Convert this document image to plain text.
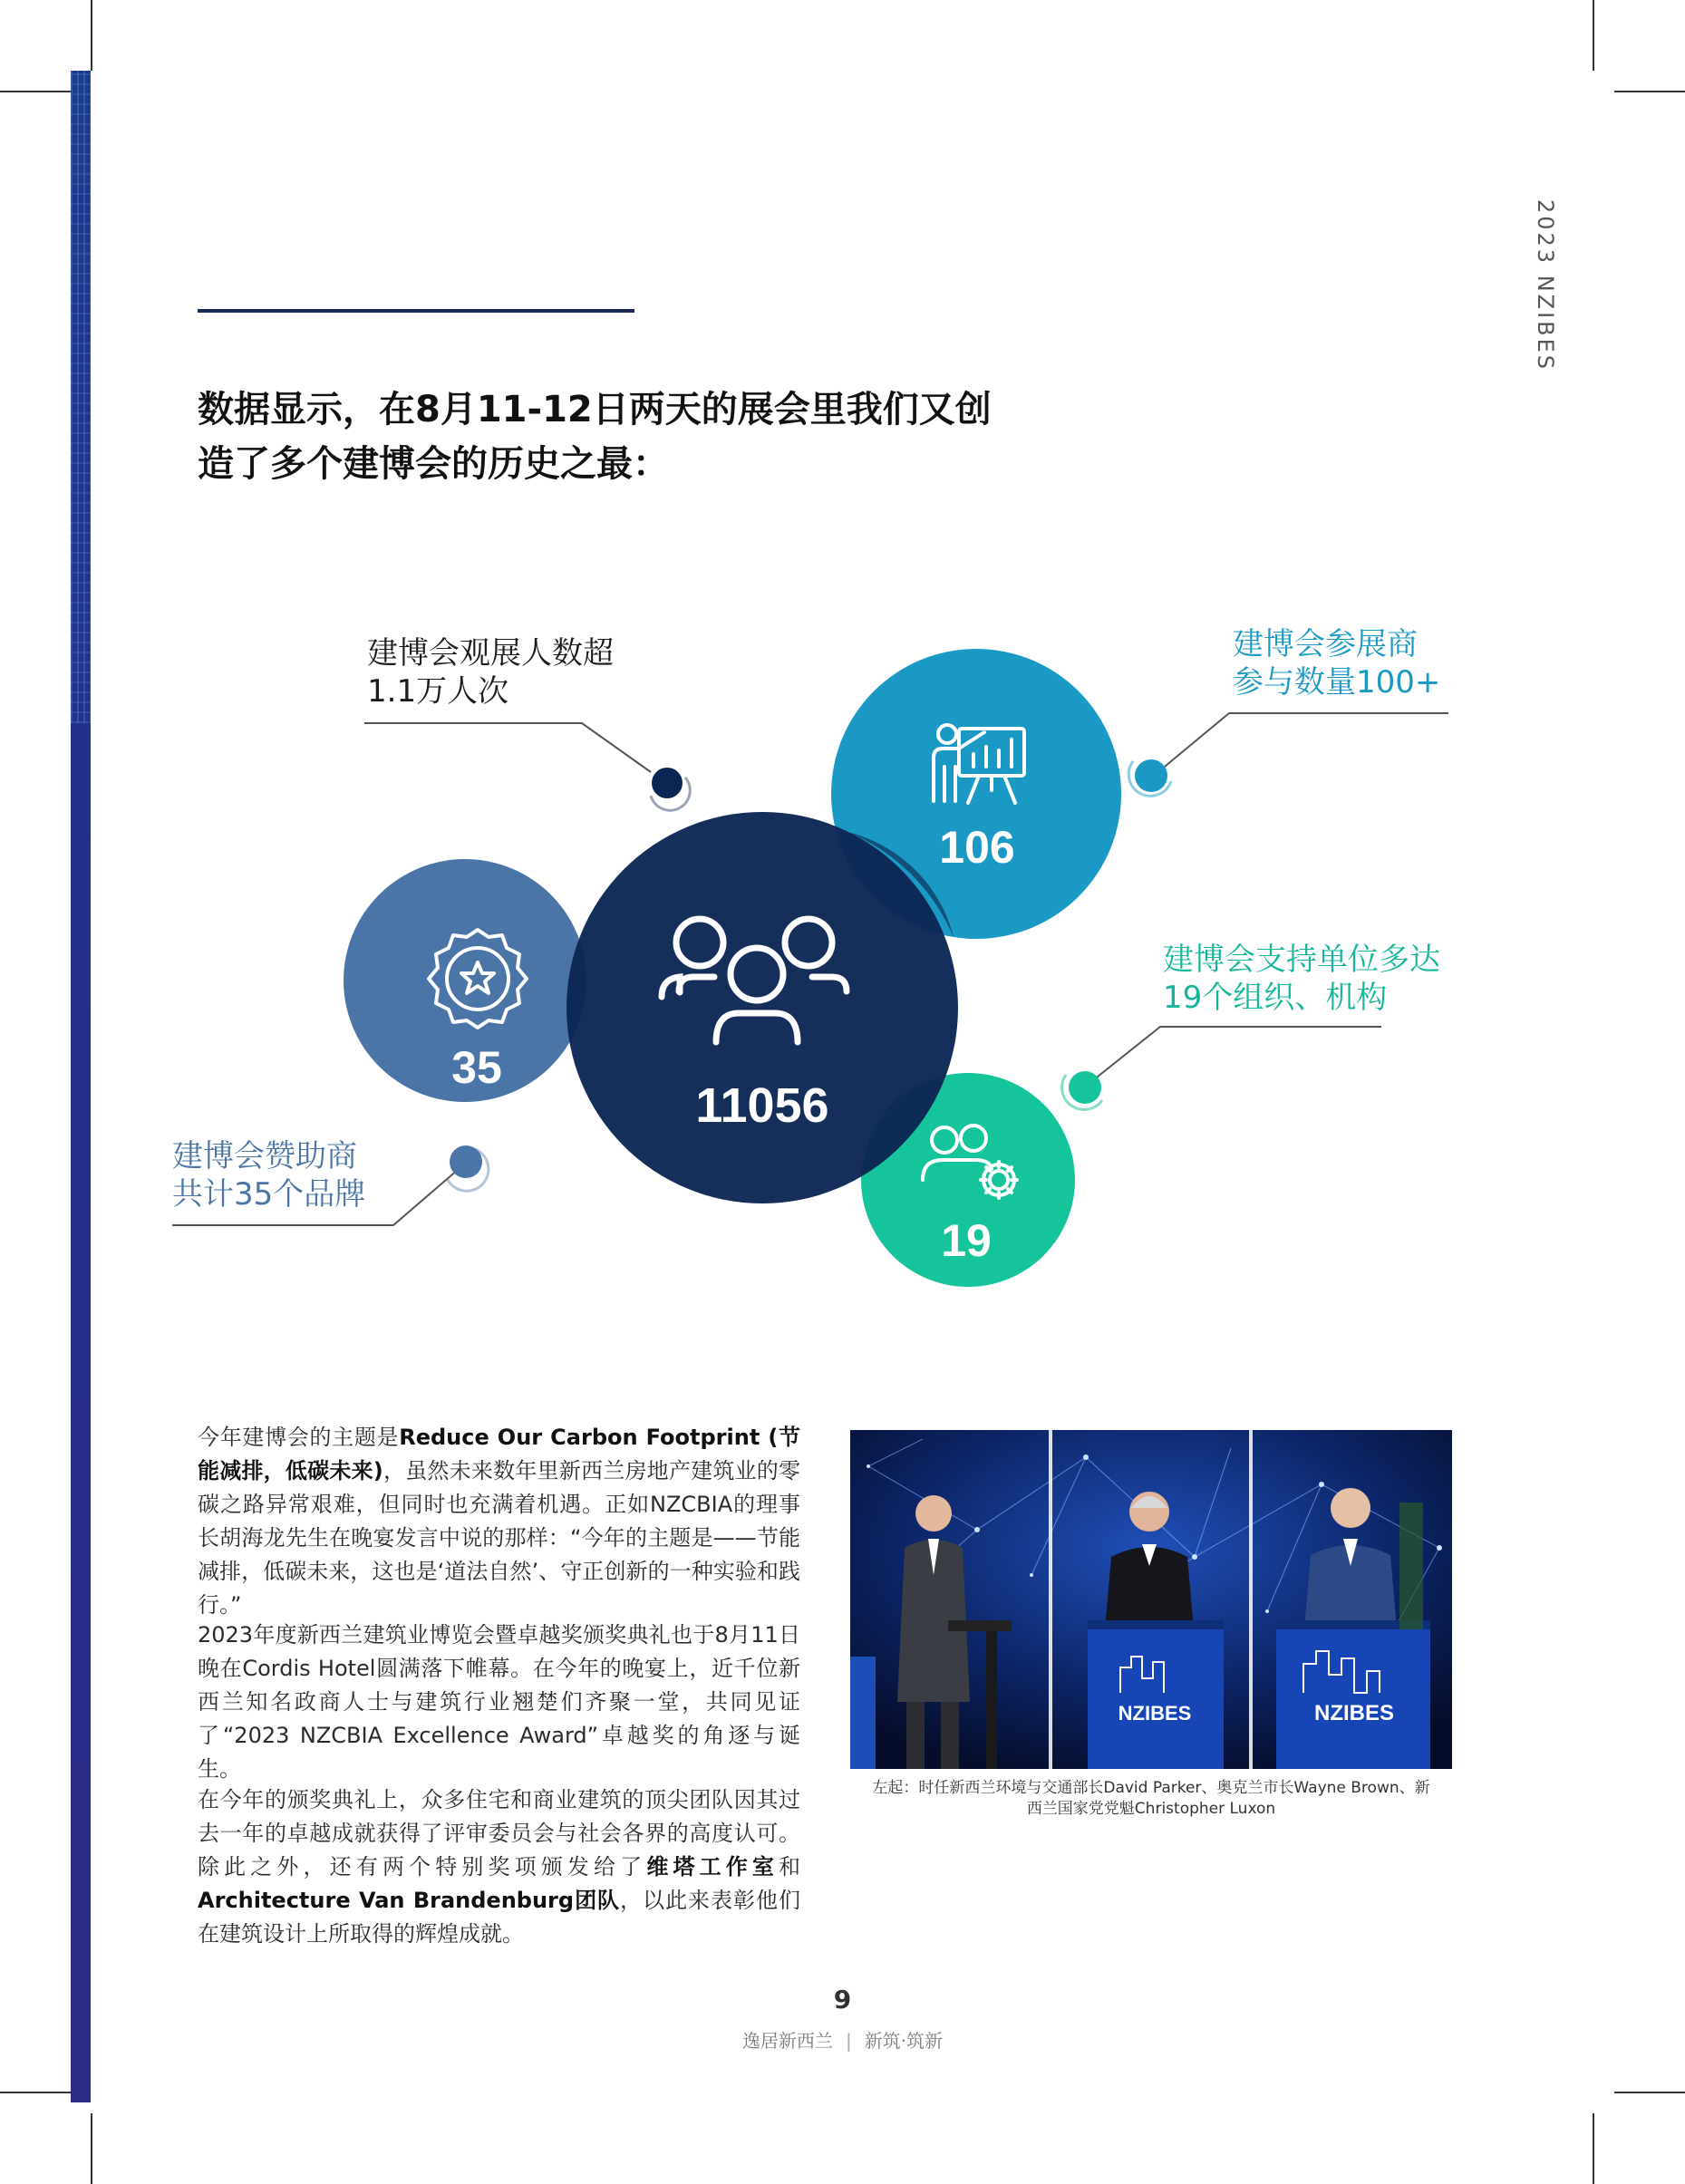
2023 NZIBES
数据显示，在8月11-12日两天的展会里我们又创
造了多个建博会的历史之最：
35
11056
106
19
建博会观展人数超
1.1万人次
建博会参展商
参与数量100+
建博会支持单位多达
19个组织、机构
建博会赞助商
共计35个品牌
今年建博会的主题是Reduce Our Carbon Footprint (节能减排，低碳未来)，虽然未来数年里新西兰房地产建筑业的零碳之路异常艰难，但同时也充满着机遇。正如NZCBIA的理事长胡海龙先生在晚宴发言中说的那样：“今年的主题是——节能减排，低碳未来，这也是‘道法自然’、守正创新的一种实验和践行。”
2023年度新西兰建筑业博览会暨卓越奖颁奖典礼也于8月11日晚在Cordis Hotel圆满落下帷幕。在今年的晚宴上，近千位新西兰知名政商人士与建筑行业翘楚们齐聚一堂，共同见证了“2023 NZCBIA Excellence Award”卓越奖的角逐与诞生。
在今年的颁奖典礼上，众多住宅和商业建筑的顶尖团队因其过去一年的卓越成就获得了评审委员会与社会各界的高度认可。除此之外，还有两个特别奖项颁发给了维塔工作室和Architecture Van Brandenburg团队，以此来表彰他们在建筑设计上所取得的辉煌成就。
NZIBES	NZIBES
左起：时任新西兰环境与交通部长David Parker、奥克兰市长Wayne Brown、新
西兰国家党党魁Christopher Luxon
9
逸居新西兰 | 新筑·筑新
